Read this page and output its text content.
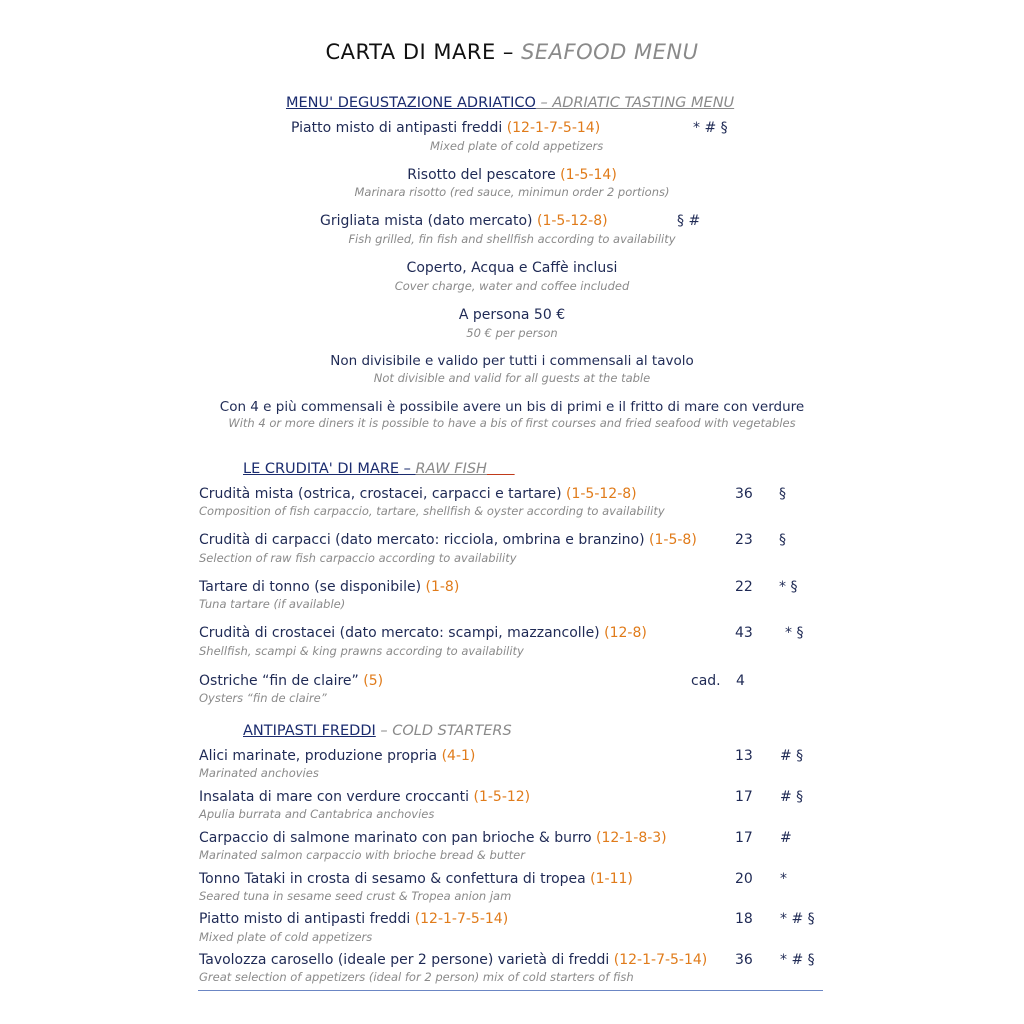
CARTA DI MARE – SEAFOOD MENU
MENU' DEGUSTAZIONE ADRIATICO – ADRIATIC TASTING MENU
Piatto misto di antipasti freddi (12-1-7-5-14)	* # §
Mixed plate of cold appetizers
Risotto del pescatore (1-5-14)
Marinara risotto (red sauce, minimun order 2 portions)
Grigliata mista (dato mercato) (1-5-12-8)	§ #
Fish grilled, fin fish and shellfish according to availability
Coperto, Acqua e Caffè inclusi
Cover charge, water and coffee included
A persona 50 €
50 € per person
Non divisibile e valido per tutti i commensali al tavolo
Not divisible and valid for all guests at the table
Con 4 e più commensali è possibile avere un bis di primi e il fritto di mare con verdure
With 4 or more diners it is possible to have a bis of first courses and fried seafood with vegetables
LE CRUDITA' DI MARE – RAW FISH
Crudità mista (ostrica, crostacei, carpacci e tartare) (1-5-12-8)	36 §
Composition of fish carpaccio, tartare, shellfish & oyster according to availability
Crudità di carpacci (dato mercato: ricciola, ombrina e branzino) (1-5-8)	23 §
Selection of raw fish carpaccio according to availability
Tartare di tonno (se disponibile) (1-8)	22 * §
Tuna tartare (if available)
Crudità di crostacei (dato mercato: scampi, mazzancolle) (12-8)	43 * §
Shellfish, scampi & king prawns according to availability
Ostriche “fin de claire” (5)	cad. 4
Oysters “fin de claire”
ANTIPASTI FREDDI – COLD STARTERS
Alici marinate, produzione propria (4-1)	13 # §
Marinated anchovies
Insalata di mare con verdure croccanti (1-5-12)	17 # §
Apulia burrata and Cantabrica anchovies
Carpaccio di salmone marinato con pan brioche & burro (12-1-8-3)	17 #
Marinated salmon carpaccio with brioche bread & butter
Tonno Tataki in crosta di sesamo & confettura di tropea (1-11)	20 *
Seared tuna in sesame seed crust & Tropea anion jam
Piatto misto di antipasti freddi (12-1-7-5-14)	18 * # §
Mixed plate of cold appetizers
Tavolozza carosello (ideale per 2 persone) varietà di freddi (12-1-7-5-14) 36 * # §
Great selection of appetizers (ideal for 2 person) mix of cold starters of fish
